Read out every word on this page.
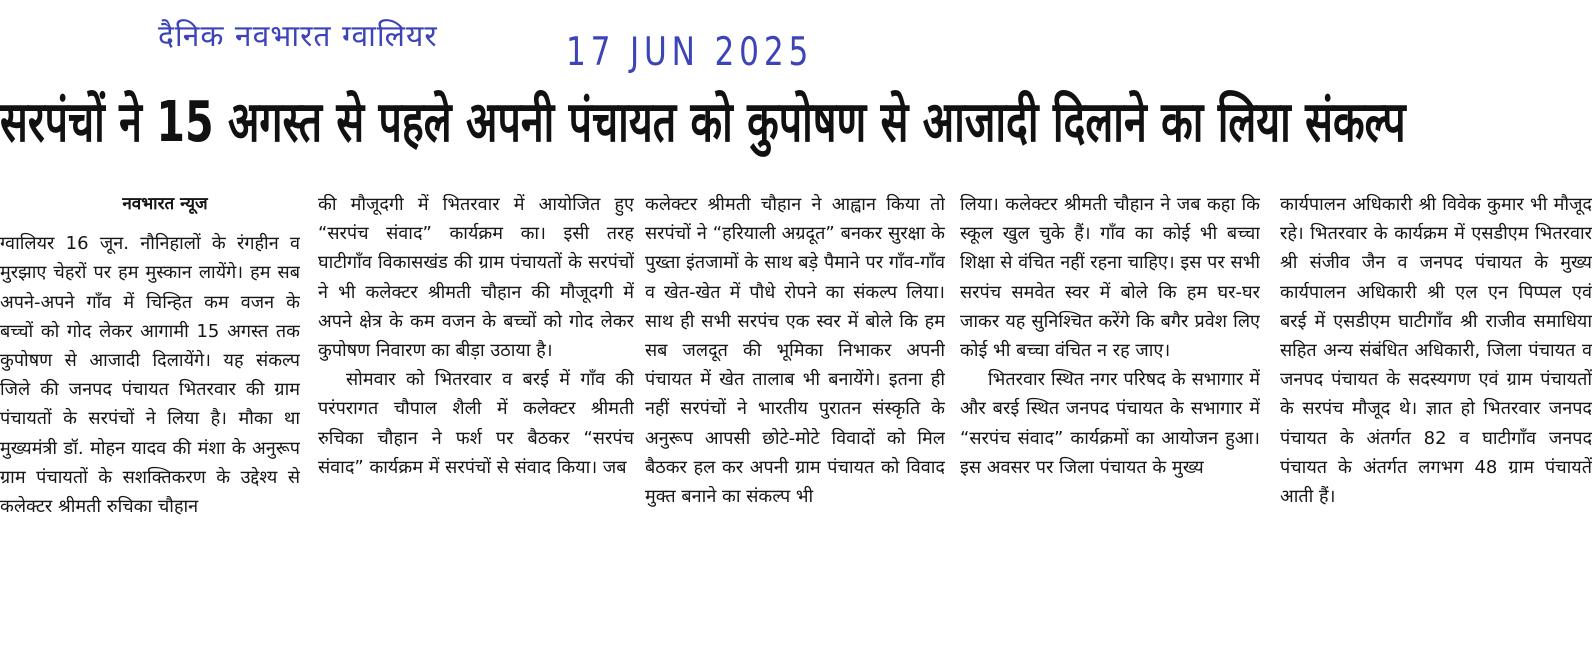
दैनिक नवभारत ग्वालियर	17 JUN 2025
सरपंचों ने 15 अगस्त से पहले अपनी पंचायत को कुपोषण से आजादी दिलाने का लिया संकल्प
नवभारत न्यूज

ग्वालियर 16 जून. नौनिहालों के रंगहीन व मुरझाए चेहरों पर हम मुस्कान लायेंगे। हम सब अपने-अपने गाँव में चिन्हित कम वजन के बच्चों को गोद लेकर आगामी 15 अगस्त तक कुपोषण से आजादी दिलायेंगे। यह संकल्प जिले की जनपद पंचायत भितरवार की ग्राम पंचायतों के सरपंचों ने लिया है। मौका था मुख्यमंत्री डॉ. मोहन यादव की मंशा के अनुरूप ग्राम पंचायतों के सशक्तिकरण के उद्देश्य से कलेक्टर श्रीमती रुचिका चौहान

की मौजूदगी में भितरवार में आयोजित हुए “सरपंच संवाद” कार्यक्रम का। इसी तरह घाटीगाँव विकासखंड की ग्राम पंचायतों के सरपंचों ने भी कलेक्टर श्रीमती चौहान की मौजूदगी में अपने क्षेत्र के कम वजन के बच्चों को गोद लेकर कुपोषण निवारण का बीड़ा उठाया है।

सोमवार को भितरवार व बरई में गाँव की परंपरागत चौपाल शैली में कलेक्टर श्रीमती रुचिका चौहान ने फर्श पर बैठकर “सरपंच संवाद” कार्यक्रम में सरपंचों से संवाद किया। जब

कलेक्टर श्रीमती चौहान ने आह्वान किया तो सरपंचों ने “हरियाली अग्रदूत” बनकर सुरक्षा के पुख्ता इंतजामों के साथ बड़े पैमाने पर गाँव-गाँव व खेत-खेत में पौधे रोपने का संकल्प लिया। साथ ही सभी सरपंच एक स्वर में बोले कि हम सब जलदूत की भूमिका निभाकर अपनी पंचायत में खेत तालाब भी बनायेंगे। इतना ही नहीं सरपंचों ने भारतीय पुरातन संस्कृति के अनुरूप आपसी छोटे-मोटे विवादों को मिल बैठकर हल कर अपनी ग्राम पंचायत को विवाद मुक्त बनाने का संकल्प भी

लिया। कलेक्टर श्रीमती चौहान ने जब कहा कि स्कूल खुल चुके हैं। गाँव का कोई भी बच्चा शिक्षा से वंचित नहीं रहना चाहिए। इस पर सभी सरपंच समवेत स्वर में बोले कि हम घर-घर जाकर यह सुनिश्चित करेंगे कि बगैर प्रवेश लिए कोई भी बच्चा वंचित न रह जाए।

भितरवार स्थित नगर परिषद के सभागार में और बरई स्थित जनपद पंचायत के सभागार में “सरपंच संवाद” कार्यक्रमों का आयोजन हुआ। इस अवसर पर जिला पंचायत के मुख्य

कार्यपालन अधिकारी श्री विवेक कुमार भी मौजूद रहे। भितरवार के कार्यक्रम में एसडीएम भितरवार श्री संजीव जैन व जनपद पंचायत के मुख्य कार्यपालन अधिकारी श्री एल एन पिप्पल एवं बरई में एसडीएम घाटीगाँव श्री राजीव समाधिया सहित अन्य संबंधित अधिकारी, जिला पंचायत व जनपद पंचायत के सदस्यगण एवं ग्राम पंचायतों के सरपंच मौजूद थे। ज्ञात हो भितरवार जनपद पंचायत के अंतर्गत 82 व घाटीगाँव जनपद पंचायत के अंतर्गत लगभग 48 ग्राम पंचायतें आती हैं।
